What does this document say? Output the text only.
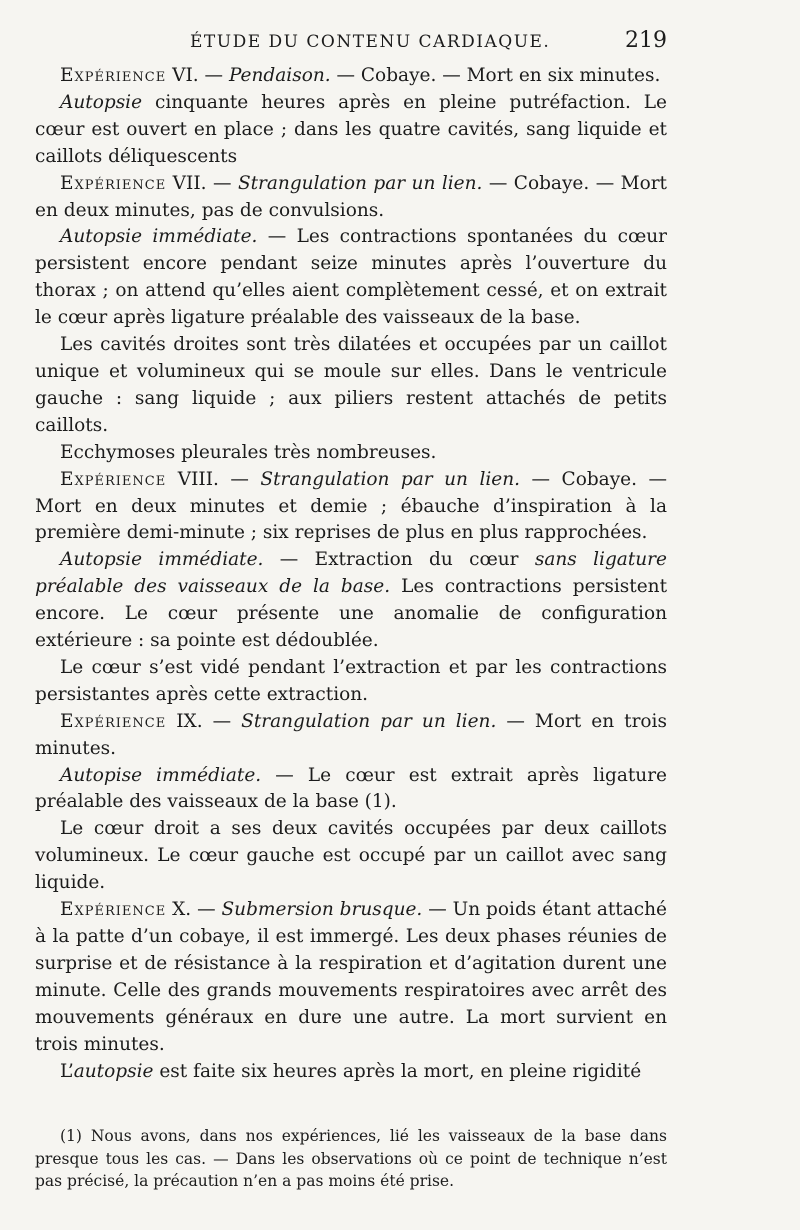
ÉTUDE DU CONTENU CARDIAQUE.	219

Expérience VI. — Pendaison. — Cobaye. — Mort en six minutes.

Autopsie cinquante heures après en pleine putréfaction. Le cœur est ouvert en place ; dans les quatre cavités, sang liquide et caillots déliquescents

Expérience VII. — Strangulation par un lien. — Cobaye. — Mort en deux minutes, pas de convulsions.

Autopsie immédiate. — Les contractions spontanées du cœur persistent encore pendant seize minutes après l’ouverture du thorax ; on attend qu’elles aient complètement cessé, et on extrait le cœur après ligature préalable des vaisseaux de la base.

Les cavités droites sont très dilatées et occupées par un caillot unique et volumineux qui se moule sur elles. Dans le ventricule gauche : sang liquide ; aux piliers restent attachés de petits caillots.

Ecchymoses pleurales très nombreuses.

Expérience VIII. — Strangulation par un lien. — Cobaye. — Mort en deux minutes et demie ; ébauche d’inspiration à la première demi-minute ; six reprises de plus en plus rapprochées.

Autopsie immédiate. — Extraction du cœur sans ligature préalable des vaisseaux de la base. Les contractions persistent encore. Le cœur présente une anomalie de configuration extérieure : sa pointe est dédoublée.

Le cœur s’est vidé pendant l’extraction et par les contractions persistantes après cette extraction.

Expérience IX. — Strangulation par un lien. — Mort en trois minutes.

Autopise immédiate. — Le cœur est extrait après ligature préalable des vaisseaux de la base (1).

Le cœur droit a ses deux cavités occupées par deux caillots volumineux. Le cœur gauche est occupé par un caillot avec sang liquide.

Expérience X. — Submersion brusque. — Un poids étant attaché à la patte d’un cobaye, il est immergé. Les deux phases réunies de surprise et de résistance à la respiration et d’agitation durent une minute. Celle des grands mouvements respiratoires avec arrêt des mouvements généraux en dure une autre. La mort survient en trois minutes.

L’autopsie est faite six heures après la mort, en pleine rigidité

(1) Nous avons, dans nos expériences, lié les vaisseaux de la base dans presque tous les cas. — Dans les observations où ce point de technique n’est pas précisé, la précaution n’en a pas moins été prise.
